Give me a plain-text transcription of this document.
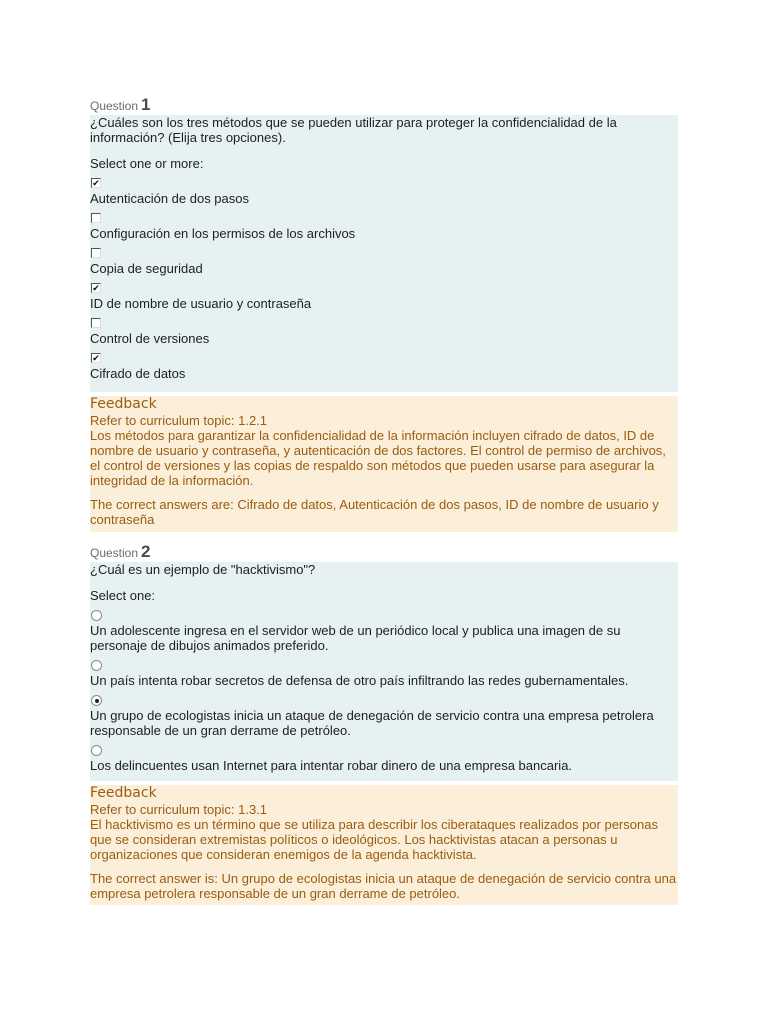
Question 1

¿Cuáles son los tres métodos que se pueden utilizar para proteger la confidencialidad de la información? (Elija tres opciones).

Select one or more:
✔
Autenticación de dos pasos
Configuración en los permisos de los archivos
Copia de seguridad
✔
ID de nombre de usuario y contraseña
Control de versiones
✔
Cifrado de datos
Feedback

Refer to curriculum topic: 1.2.1

Los métodos para garantizar la confidencialidad de la información incluyen cifrado de datos, ID de nombre de usuario y contraseña, y autenticación de dos factores. El control de permiso de archivos, el control de versiones y las copias de respaldo son métodos que pueden usarse para asegurar la integridad de la información.

The correct answers are: Cifrado de datos, Autenticación de dos pasos, ID de nombre de usuario y contraseña

Question 2

¿Cuál es un ejemplo de "hacktivismo"?

Select one:
Un adolescente ingresa en el servidor web de un periódico local y publica una imagen de su personaje de dibujos animados preferido.
Un país intenta robar secretos de defensa de otro país infiltrando las redes gubernamentales.
Un grupo de ecologistas inicia un ataque de denegación de servicio contra una empresa petrolera responsable de un gran derrame de petróleo.
Los delincuentes usan Internet para intentar robar dinero de una empresa bancaria.
Feedback

Refer to curriculum topic: 1.3.1

El hacktivismo es un término que se utiliza para describir los ciberataques realizados por personas que se consideran extremistas políticos o ideológicos. Los hacktivistas atacan a personas u organizaciones que consideran enemigos de la agenda hacktivista.

The correct answer is: Un grupo de ecologistas inicia un ataque de denegación de servicio contra una empresa petrolera responsable de un gran derrame de petróleo.
